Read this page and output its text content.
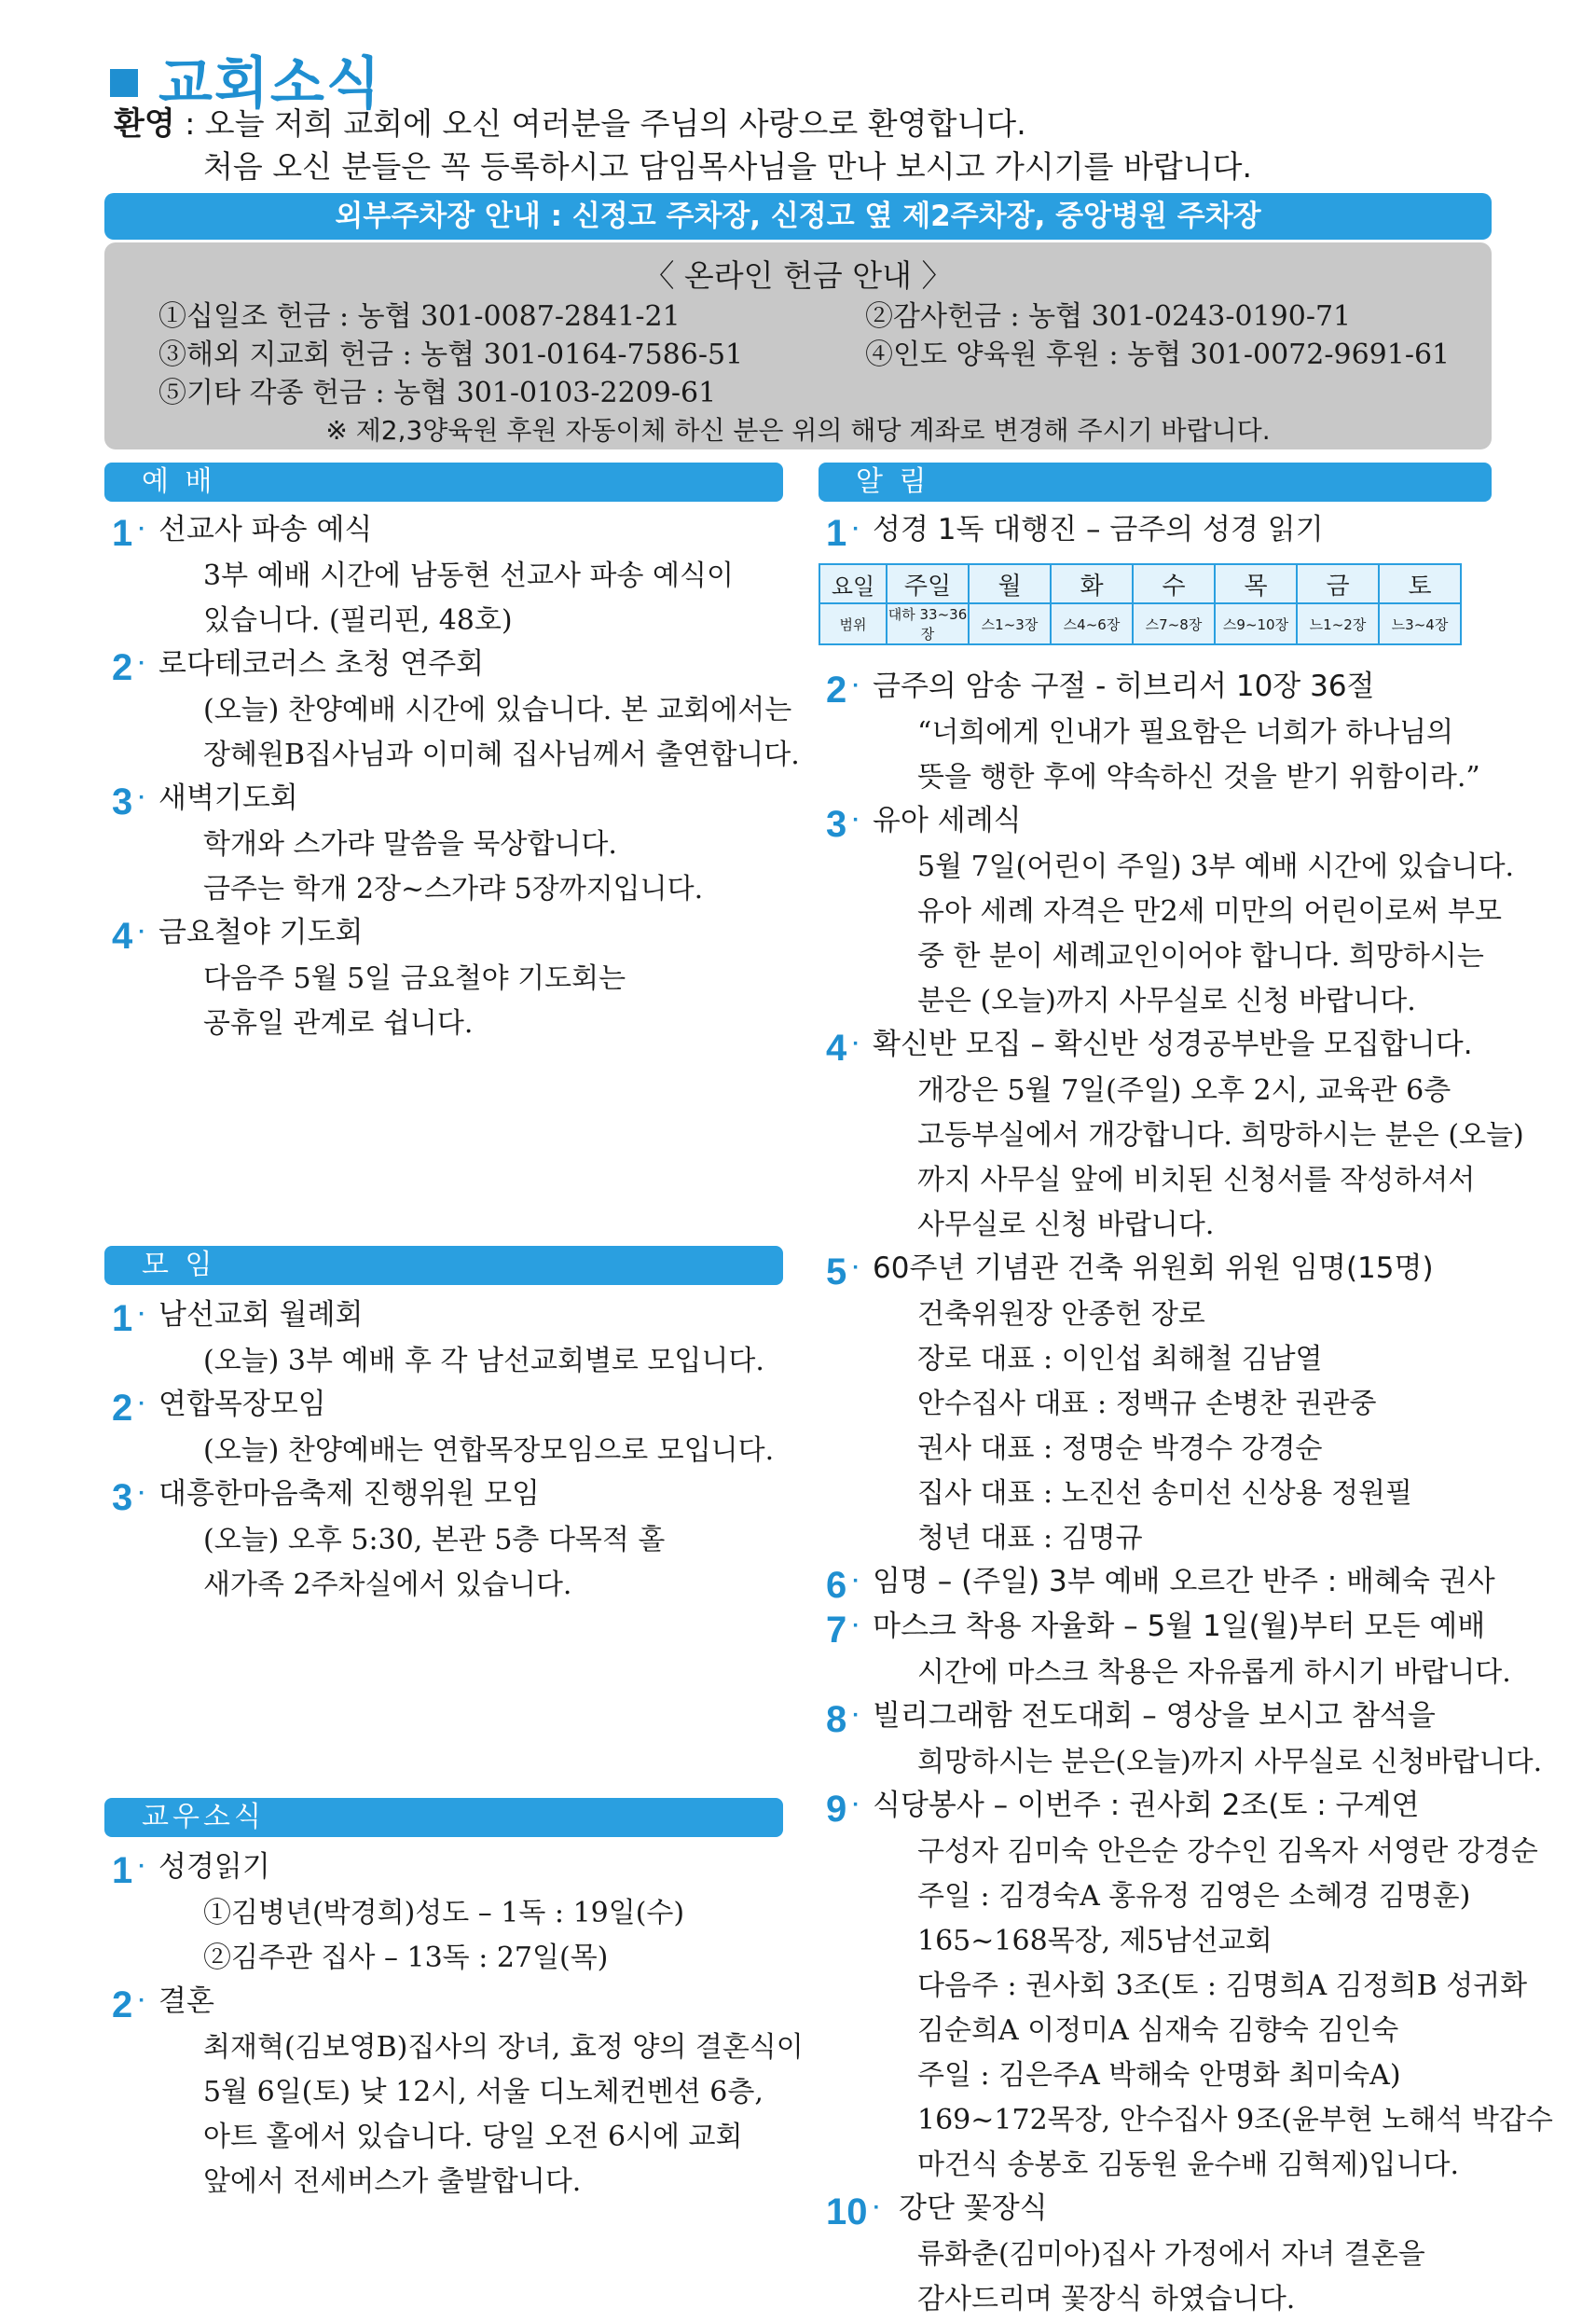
교회소식
환영 : 오늘 저희 교회에 오신 여러분을 주님의 사랑으로 환영합니다.
처음 오신 분들은 꼭 등록하시고 담임목사님을 만나 보시고 가시기를 바랍니다.
외부주차장 안내 : 신정고 주차장, 신정고 옆 제2주차장, 중앙병원 주차장
〈 온라인 헌금 안내 〉
①십일조 헌금 : 농협 301-0087-2841-21	②감사헌금 : 농협 301-0243-0190-71
③해외 지교회 헌금 : 농협 301-0164-7586-51	④인도 양육원 후원 : 농협 301-0072-9691-61
⑤기타 각종 헌금 : 농협 301-0103-2209-61
※ 제2,3양육원 후원 자동이체 하신 분은 위의 해당 계좌로 변경해 주시기 바랍니다.
예 배	알 림
모 임
교우소식
1 · 선교사 파송 예식
3부 예배 시간에 남동현 선교사 파송 예식이
있습니다. (필리핀, 48호)
2 · 로다테코러스 초청 연주회
(오늘) 찬양예배 시간에 있습니다. 본 교회에서는
장혜원B집사님과 이미혜 집사님께서 출연합니다.
3 · 새벽기도회
학개와 스가랴 말씀을 묵상합니다.
금주는 학개 2장~스가랴 5장까지입니다.
4 · 금요철야 기도회
다음주 5월 5일 금요철야 기도회는
공휴일 관계로 쉽니다.
1 · 남선교회 월례회
(오늘) 3부 예배 후 각 남선교회별로 모입니다.
2 · 연합목장모임
(오늘) 찬양예배는 연합목장모임으로 모입니다.
3 · 대흥한마음축제 진행위원 모임
(오늘) 오후 5:30, 본관 5층 다목적 홀
새가족 2주차실에서 있습니다.
1 · 성경읽기
①김병년(박경희)성도 – 1독 : 19일(수)
②김주관 집사 – 13독 : 27일(목)
2 · 결혼
최재혁(김보영B)집사의 장녀, 효정 양의 결혼식이
5월 6일(토) 낮 12시, 서울 디노체컨벤션 6층,
아트 홀에서 있습니다. 당일 오전 6시에 교회
앞에서 전세버스가 출발합니다.
1 · 성경 1독 대행진 – 금주의 성경 읽기
2 · 금주의 암송 구절 - 히브리서 10장 36절
“너희에게 인내가 필요함은 너희가 하나님의
뜻을 행한 후에 약속하신 것을 받기 위함이라.”
3 · 유아 세례식
5월 7일(어린이 주일) 3부 예배 시간에 있습니다.
유아 세례 자격은 만2세 미만의 어린이로써 부모
중 한 분이 세례교인이어야 합니다. 희망하시는
분은 (오늘)까지 사무실로 신청 바랍니다.
4 · 확신반 모집 – 확신반 성경공부반을 모집합니다.
개강은 5월 7일(주일) 오후 2시, 교육관 6층
고등부실에서 개강합니다. 희망하시는 분은 (오늘)
까지 사무실 앞에 비치된 신청서를 작성하셔서
사무실로 신청 바랍니다.
5 · 60주년 기념관 건축 위원회 위원 임명(15명)
건축위원장 안종헌 장로
장로 대표 : 이인섭 최해철 김남열
안수집사 대표 : 정백규 손병찬 권관중
권사 대표 : 정명순 박경수 강경순
집사 대표 : 노진선 송미선 신상용 정원필
청년 대표 : 김명규
6 · 임명 – (주일) 3부 예배 오르간 반주 : 배혜숙 권사
7 · 마스크 착용 자율화 – 5월 1일(월)부터 모든 예배
시간에 마스크 착용은 자유롭게 하시기 바랍니다.
8 · 빌리그래함 전도대회 – 영상을 보시고 참석을
희망하시는 분은(오늘)까지 사무실로 신청바랍니다.
9 · 식당봉사 – 이번주 : 권사회 2조(토 : 구계연
구성자 김미숙 안은순 강수인 김옥자 서영란 강경순
주일 : 김경숙A 홍유정 김영은 소혜경 김명훈)
165~168목장, 제5남선교회
다음주 : 권사회 3조(토 : 김명희A 김정희B 성귀화
김순희A 이정미A 심재숙 김향숙 김인숙
주일 : 김은주A 박해숙 안명화 최미숙A)
169~172목장, 안수집사 9조(윤부현 노해석 박갑수
마건식 송봉호 김동원 윤수배 김혁제)입니다.
10 · 강단 꽃장식
류화춘(김미아)집사 가정에서 자녀 결혼을
감사드리며 꽃장식 하였습니다.
요일	주일	월	화	수	목	금	토
범위	대하 33~36장	스1~3장	스4~6장	스7~8장	스9~10장	느1~2장	느3~4장
